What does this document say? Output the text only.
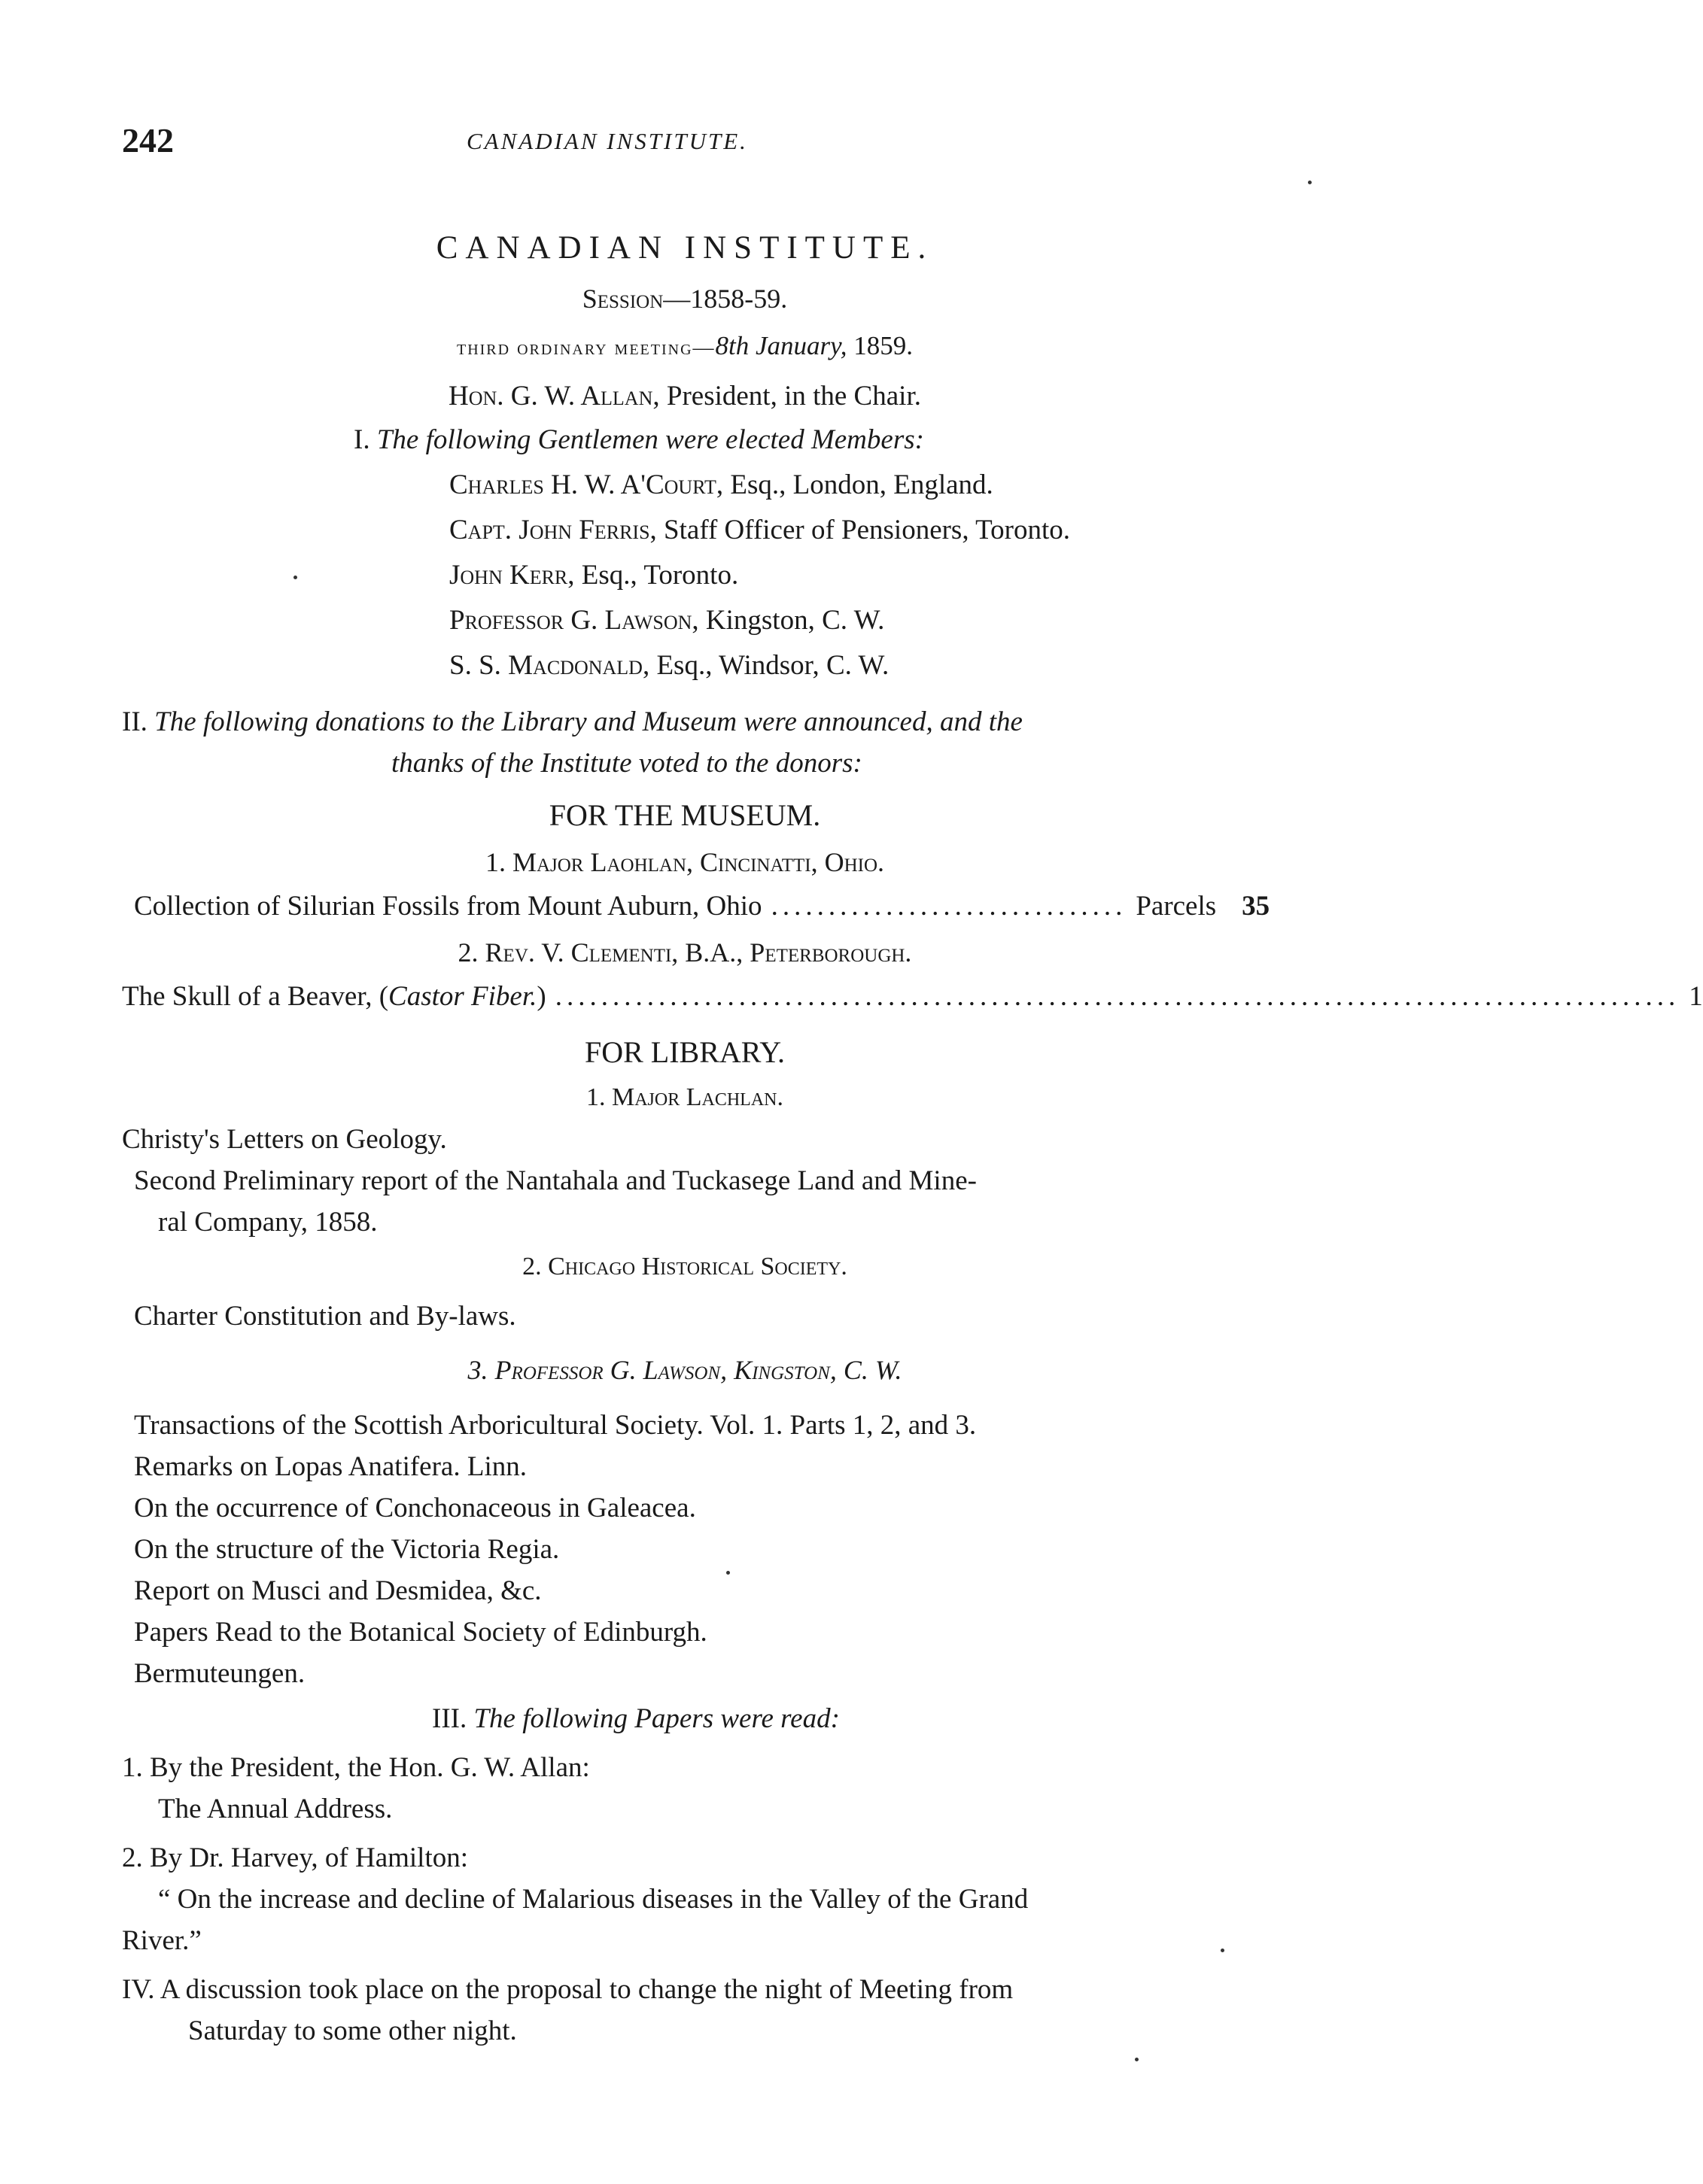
242	CANADIAN INSTITUTE.
CANADIAN INSTITUTE.
Session—1858-59.
third ordinary meeting—8th January, 1859.
Hon. G. W. Allan, President, in the Chair.
I. The following Gentlemen were elected Members:
Charles H. W. A'Court, Esq., London, England.
Capt. John Ferris, Staff Officer of Pensioners, Toronto.
John Kerr, Esq., Toronto.
Professor G. Lawson, Kingston, C. W.
S. S. Macdonald, Esq., Windsor, C. W.
II. The following donations to the Library and Museum were announced, and the
thanks of the Institute voted to the donors:
FOR THE MUSEUM.
1. Major Laohlan, Cincinatti, Ohio.
Collection of Silurian Fossils from Mount Auburn, Ohio ............................... Parcels 35
2. Rev. V. Clementi, B.A., Peterborough.
The Skull of a Beaver, (Castor Fiber.) .................................................................................................. 1
FOR LIBRARY.
1. Major Lachlan.
Christy's Letters on Geology.
Second Preliminary report of the Nantahala and Tuckasege Land and Mine-
ral Company, 1858.
2. Chicago Historical Society.
Charter Constitution and By-laws.
3. Professor G. Lawson, Kingston, C. W.
Transactions of the Scottish Arboricultural Society. Vol. 1. Parts 1, 2, and 3.
Remarks on Lopas Anatifera. Linn.
On the occurrence of Conchonaceous in Galeacea.
On the structure of the Victoria Regia.
Report on Musci and Desmidea, &c.
Papers Read to the Botanical Society of Edinburgh.
Bermuteungen.
III. The following Papers were read:
1. By the President, the Hon. G. W. Allan:
The Annual Address.
2. By Dr. Harvey, of Hamilton:
“ On the increase and decline of Malarious diseases in the Valley of the Grand
River.”
IV. A discussion took place on the proposal to change the night of Meeting from
Saturday to some other night.
